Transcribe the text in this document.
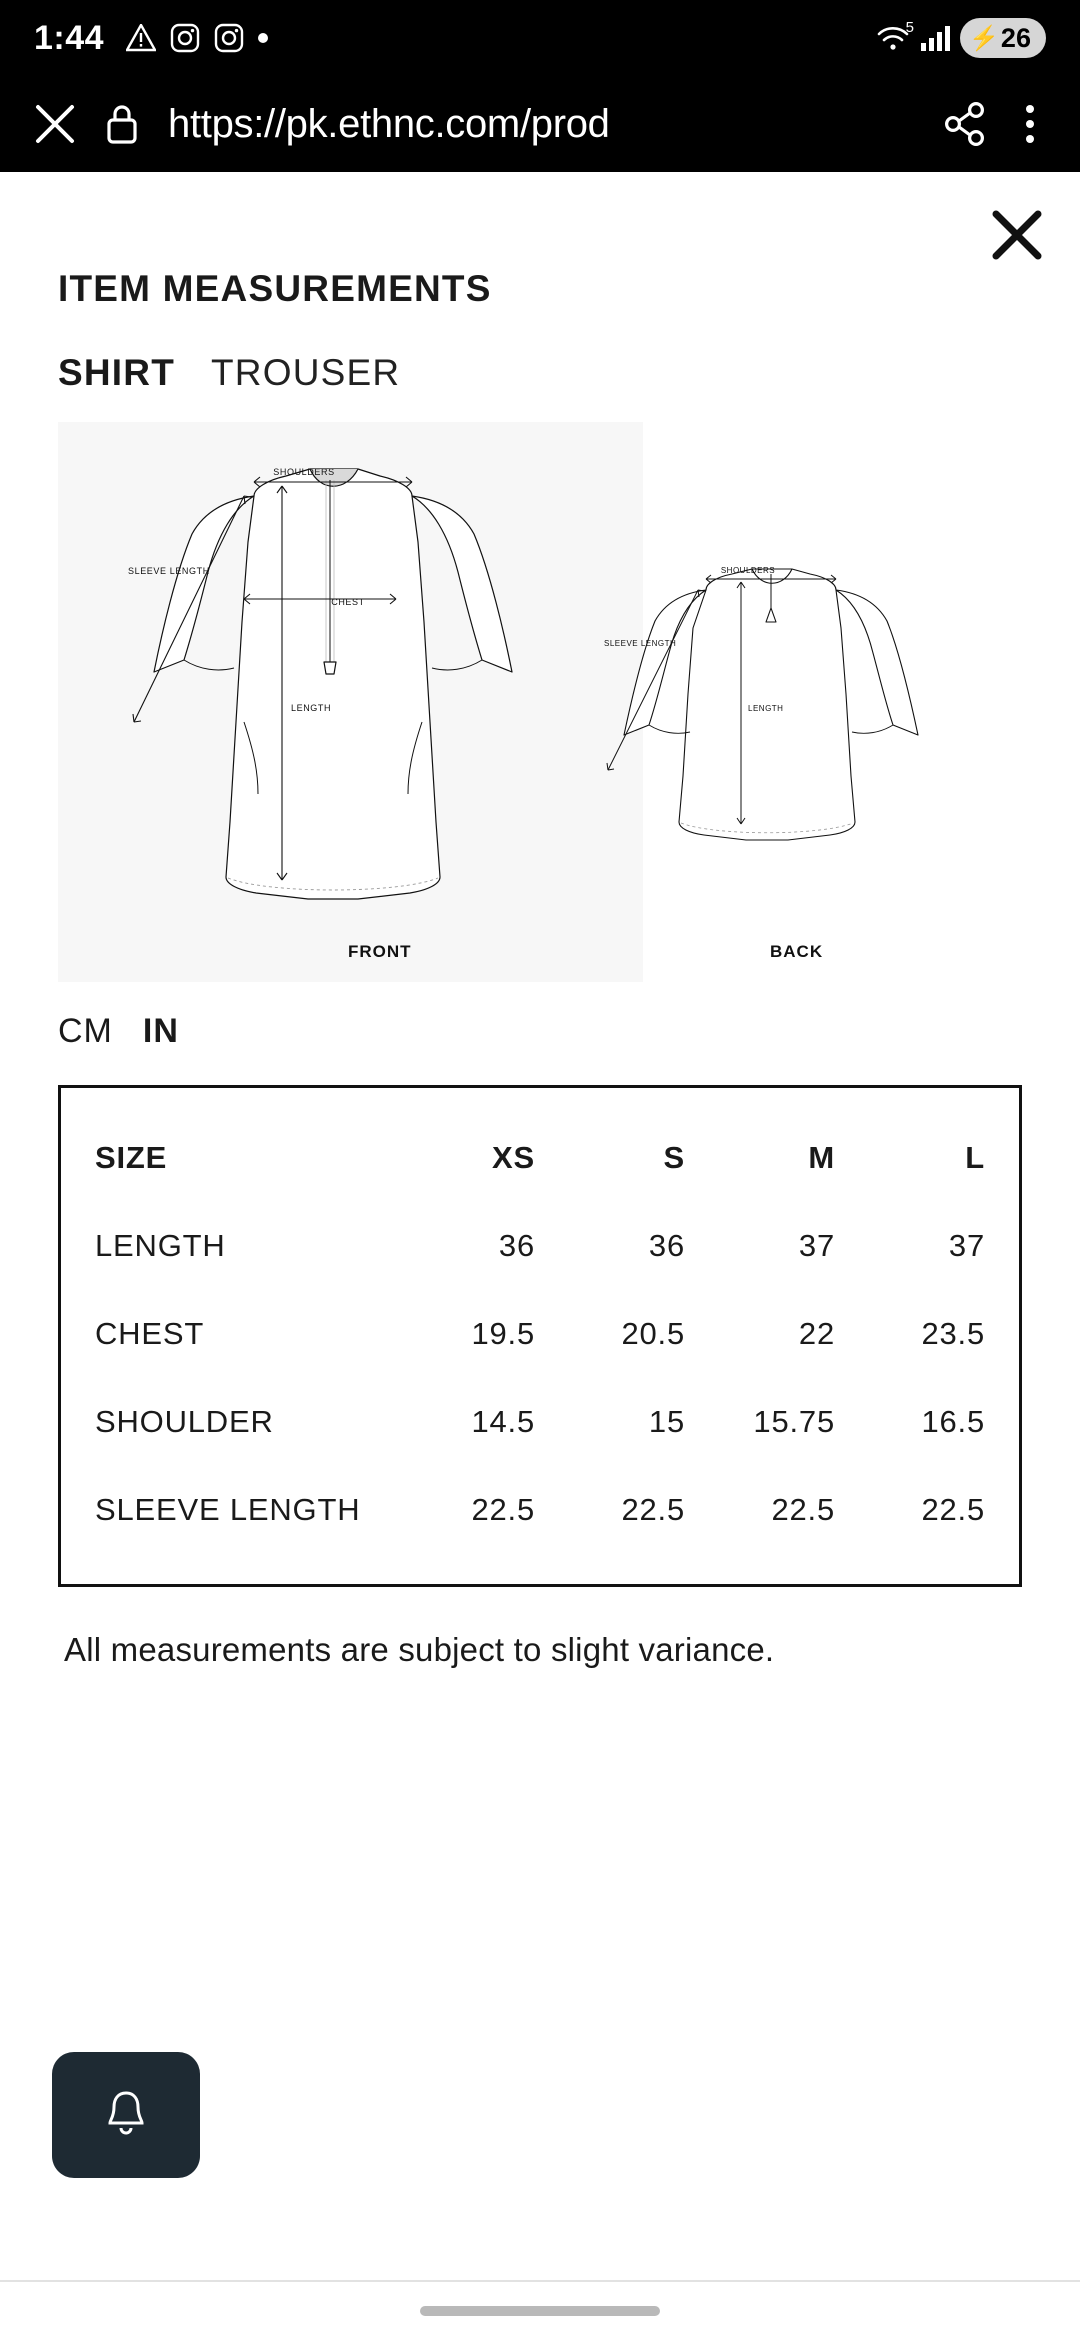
1:44	5 ⚡ 26
https://pk.ethnc.com/prod
ITEM MEASUREMENTS
SHIRT TROUSER
SHOULDERS
SLEEVE LENGTH
CHEST
LENGTH
SHOULDERS
SLEEVE LENGTH
LENGTH
FRONT	BACK
CM IN
SIZE	XS	S	M	L
LENGTH	36	36	37	37
CHEST	19.5	20.5	22	23.5
SHOULDER	14.5	15	15.75	16.5
SLEEVE LENGTH	22.5	22.5	22.5	22.5
All measurements are subject to slight variance.
